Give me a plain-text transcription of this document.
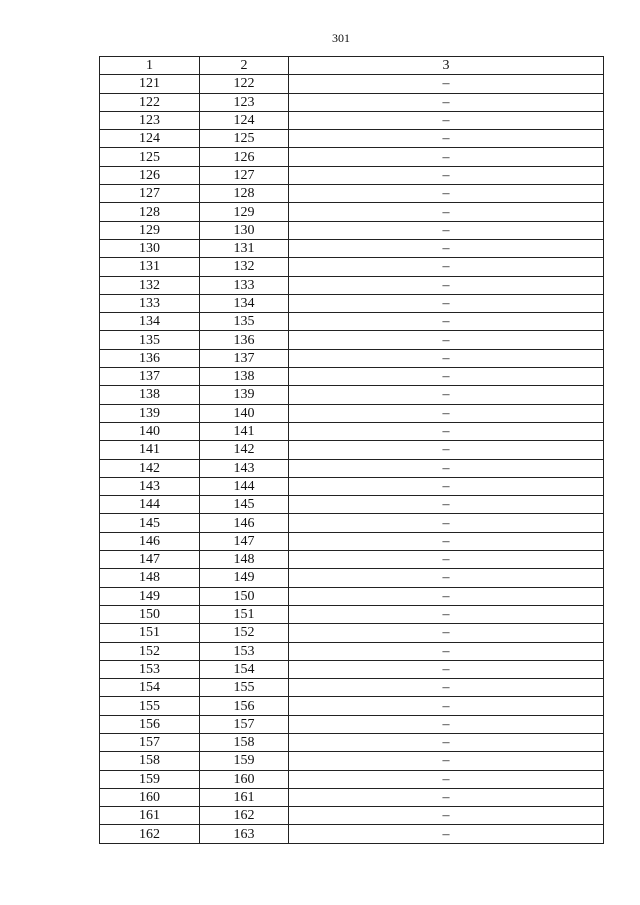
301
1	2	3
121	122	–
122	123	–
123	124	–
124	125	–
125	126	–
126	127	–
127	128	–
128	129	–
129	130	–
130	131	–
131	132	–
132	133	–
133	134	–
134	135	–
135	136	–
136	137	–
137	138	–
138	139	–
139	140	–
140	141	–
141	142	–
142	143	–
143	144	–
144	145	–
145	146	–
146	147	–
147	148	–
148	149	–
149	150	–
150	151	–
151	152	–
152	153	–
153	154	–
154	155	–
155	156	–
156	157	–
157	158	–
158	159	–
159	160	–
160	161	–
161	162	–
162	163	–
